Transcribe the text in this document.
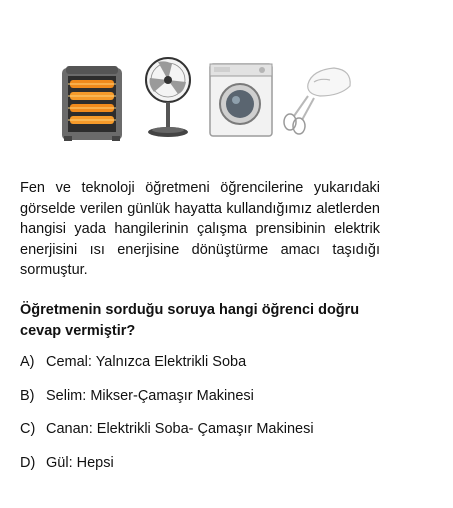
Fen ve teknoloji öğretmeni öğrencilerine yukarıdaki görselde verilen günlük hayatta kullandığımız aletlerden hangisi yada hangilerinin çalışma prensibinin elektrik enerjisini ısı enerjisine dönüştürme amacı taşıdığı sormuştur.
Öğretmenin sorduğu soruya hangi öğrenci doğru cevap vermiştir?
A) Cemal: Yalnızca Elektrikli Soba
B) Selim: Mikser-Çamaşır Makinesi
C) Canan: Elektrikli Soba- Çamaşır Makinesi
D) Gül: Hepsi
